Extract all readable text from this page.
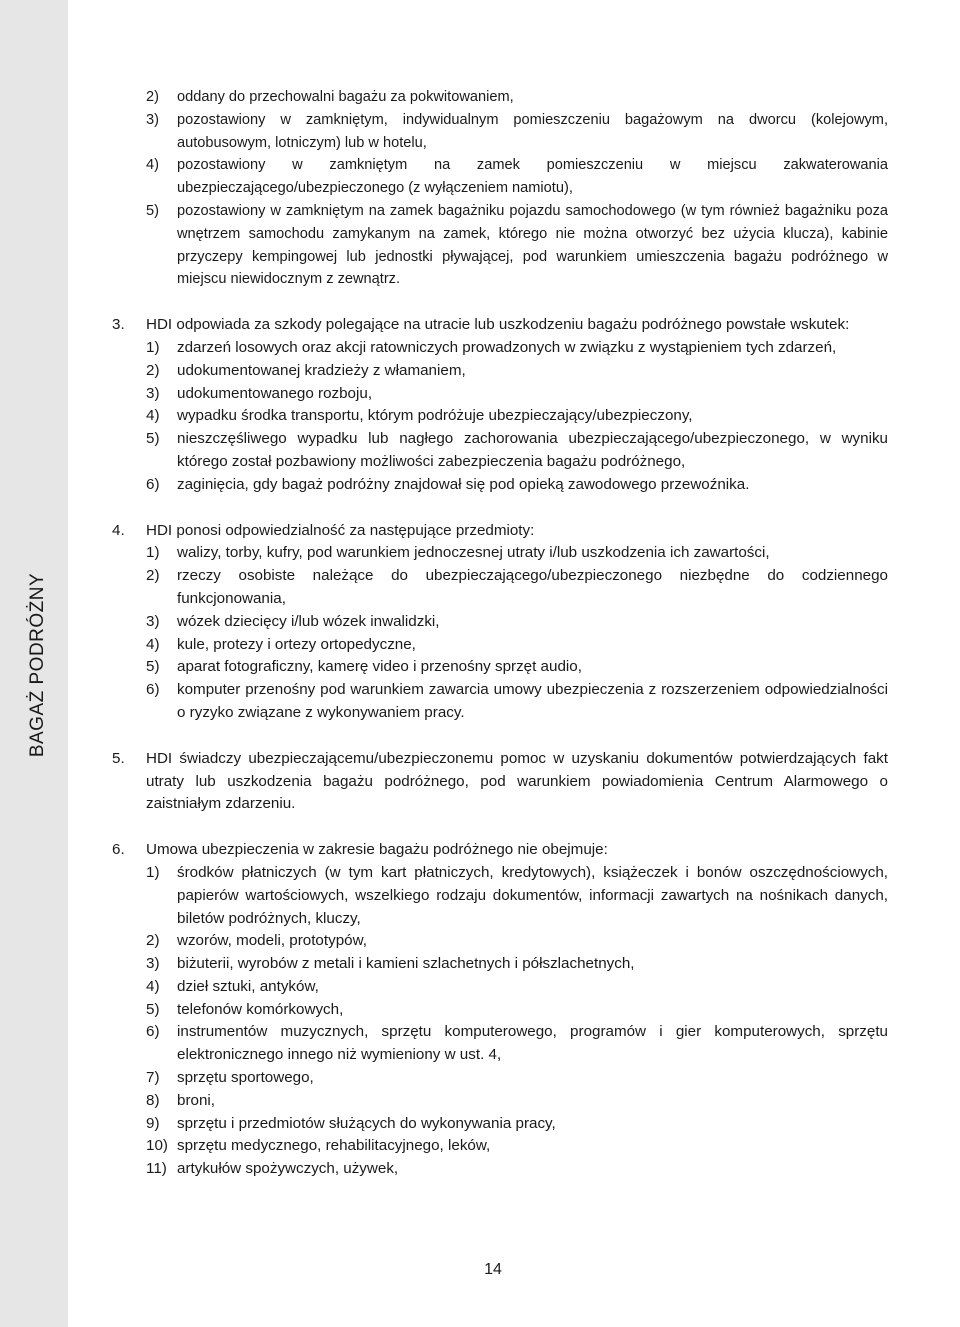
BAGAŻ PODRÓŻNY
2)	oddany do przechowalni bagażu za pokwitowaniem,
3)	pozostawiony w zamkniętym, indywidualnym pomieszczeniu bagażowym na dworcu (kolejowym, autobusowym, lotniczym) lub w hotelu,
4)	pozostawiony w zamkniętym na zamek pomieszczeniu w miejscu zakwaterowania ubezpieczającego/ubezpieczonego (z wyłączeniem namiotu),
5)	pozostawiony w zamkniętym na zamek bagażniku pojazdu samochodowego (w tym również bagażniku poza wnętrzem samochodu zamykanym na zamek, którego nie można otworzyć bez użycia klucza), kabinie przyczepy kempingowej lub jednostki pływającej, pod warunkiem umieszczenia bagażu podróżnego w miejscu niewidocznym z zewnątrz.
3.	HDI odpowiada za szkody polegające na utracie lub uszkodzeniu bagażu podróżnego powstałe wskutek:
1)	zdarzeń losowych oraz akcji ratowniczych prowadzonych w związku z wystąpieniem tych zdarzeń,
2)	udokumentowanej kradzieży z włamaniem,
3)	udokumentowanego rozboju,
4)	wypadku środka transportu, którym podróżuje ubezpieczający/ubezpieczony,
5)	nieszczęśliwego wypadku lub nagłego zachorowania ubezpieczającego/ubezpieczonego, w wyniku którego został pozbawiony możliwości zabezpieczenia bagażu podróżnego,
6)	zaginięcia, gdy bagaż podróżny znajdował się pod opieką zawodowego przewoźnika.
4.	HDI ponosi odpowiedzialność za następujące przedmioty:
1)	walizy, torby, kufry, pod warunkiem jednoczesnej utraty i/lub uszkodzenia ich zawartości,
2)	rzeczy osobiste należące do ubezpieczającego/ubezpieczonego niezbędne do codziennego funkcjonowania,
3)	wózek dziecięcy i/lub wózek inwalidzki,
4)	kule, protezy i ortezy ortopedyczne,
5)	aparat fotograficzny, kamerę video i przenośny sprzęt audio,
6)	komputer przenośny pod warunkiem zawarcia umowy ubezpieczenia z rozszerzeniem odpowiedzialności o ryzyko związane z wykonywaniem pracy.
5.	HDI świadczy ubezpieczającemu/ubezpieczonemu pomoc w uzyskaniu dokumentów potwierdzających fakt utraty lub uszkodzenia bagażu podróżnego, pod warunkiem powiadomienia Centrum Alarmowego o zaistniałym zdarzeniu.
6.	Umowa ubezpieczenia w zakresie bagażu podróżnego nie obejmuje:
1)	środków płatniczych (w tym kart płatniczych, kredytowych), książeczek i bonów oszczędnościowych, papierów wartościowych, wszelkiego rodzaju dokumentów, informacji zawartych na nośnikach danych, biletów podróżnych, kluczy,
2)	wzorów, modeli, prototypów,
3)	biżuterii, wyrobów z metali i kamieni szlachetnych i półszlachetnych,
4)	dzieł sztuki, antyków,
5)	telefonów komórkowych,
6)	instrumentów muzycznych, sprzętu komputerowego, programów i gier komputerowych, sprzętu elektronicznego innego niż wymieniony w ust. 4,
7)	sprzętu sportowego,
8)	broni,
9)	sprzętu i przedmiotów służących do wykonywania pracy,
10) sprzętu medycznego, rehabilitacyjnego, leków,
11) artykułów spożywczych, używek,
14
